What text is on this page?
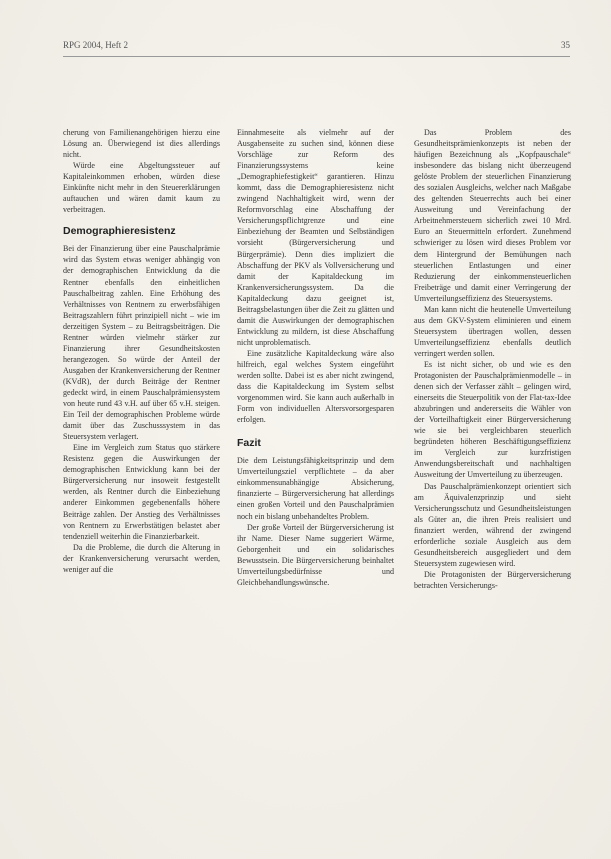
RPG 2004, Heft 2	35

cherung von Familienangehörigen hierzu eine Lösung an. Überwiegend ist dies allerdings nicht.

Würde eine Abgeltungssteuer auf Kapitaleinkommen erhoben, würden diese Einkünfte nicht mehr in den Steuererklärungen auftauchen und wären damit kaum zu verbeitragen.

Demographieresistenz

Bei der Finanzierung über eine Pauschalprämie wird das System etwas weniger abhängig von der demographischen Entwicklung da die Rentner ebenfalls den einheitlichen Pauschalbeitrag zahlen. Eine Erhöhung des Verhältnisses von Rentnern zu erwerbsfähigen Beitragszahlern führt prinzipiell nicht – wie im derzeitigen System – zu Beitragsbeiträgen. Die Rentner würden vielmehr stärker zur Finanzierung ihrer Gesundheitskosten herangezogen. So würde der Anteil der Ausgaben der Krankenversicherung der Rentner (KVdR), der durch Beiträge der Rentner gedeckt wird, in einem Pauschalprämiensystem von heute rund 43 v.H. auf über 65 v.H. steigen. Ein Teil der demographischen Probleme würde damit über das Zuschusssystem in das Steuersystem verlagert.

Eine im Vergleich zum Status quo stärkere Resistenz gegen die Auswirkungen der demographischen Entwicklung kann bei der Bürgerversicherung nur insoweit festgestellt werden, als Rentner durch die Einbeziehung anderer Einkommen gegebenenfalls höhere Beiträge zahlen. Der Anstieg des Verhältnisses von Rentnern zu Erwerbstätigen belastet aber tendenziell weiterhin die Finanzierbarkeit.

Da die Probleme, die durch die Alterung in der Krankenversicherung verursacht werden, weniger auf die

Einnahmeseite als vielmehr auf der Ausgabenseite zu suchen sind, können diese Vorschläge zur Reform des Finanzierungssystems keine „Demographiefestigkeit“ garantieren. Hinzu kommt, dass die Demographieresistenz nicht zwingend Nachhaltigkeit wird, wenn der Reformvorschlag eine Abschaffung der Versicherungspflichtgrenze und eine Einbeziehung der Beamten und Selbständigen vorsieht (Bürgerversicherung und Bürgerprämie). Denn dies impliziert die Abschaffung der PKV als Vollversicherung und damit der Kapitaldeckung im Krankenversicherungssystem. Da die Kapitaldeckung dazu geeignet ist, Beitragsbelastungen über die Zeit zu glätten und damit die Auswirkungen der demographischen Entwicklung zu mildern, ist diese Abschaffung nicht unproblematisch.

Eine zusätzliche Kapitaldeckung wäre also hilfreich, egal welches System eingeführt werden sollte. Dabei ist es aber nicht zwingend, dass die Kapitaldeckung im System selbst vorgenommen wird. Sie kann auch außerhalb in Form von individuellen Altersvorsorgesparen erfolgen.

Fazit

Die dem Leistungsfähigkeitsprinzip und dem Umverteilungsziel verpflichtete – da aber einkommensunabhängige Absicherung, finanzierte – Bürgerversicherung hat allerdings einen großen Vorteil und den Pauschalprämien noch ein bislang unbehandeltes Problem.

Der große Vorteil der Bürgerversicherung ist ihr Name. Dieser Name suggeriert Wärme, Geborgenheit und ein solidarisches Bewusstsein. Die Bürgerversicherung beinhaltet Umverteilungsbedürfnisse und Gleichbehandlungswünsche.

Das Problem des Gesundheitsprämienkonzepts ist neben der häufigen Bezeichnung als „Kopfpauschale“ insbesondere das bislang nicht überzeugend gelöste Problem der steuerlichen Finanzierung des sozialen Ausgleichs, welcher nach Maßgabe des geltenden Steuerrechts auch bei einer Ausweitung und Vereinfachung der Arbeitnehmersteuern sicherlich zwei 10 Mrd. Euro an Steuermitteln erfordert. Zunehmend schwieriger zu lösen wird dieses Problem vor dem Hintergrund der Bemühungen nach steuerlichen Entlastungen und einer Reduzierung der einkommensteuerlichen Freibeträge und damit einer Verringerung der Umverteilungseffizienz des Steuersystems.

Man kann nicht die heutenelle Umverteilung aus dem GKV-System eliminieren und einem Steuersystem übertragen wollen, dessen Umverteilungseffizienz ebenfalls deutlich verringert werden sollen.

Es ist nicht sicher, ob und wie es den Protagonisten der Pauschalprämienmodelle – in denen sich der Verfasser zählt – gelingen wird, einerseits die Steuerpolitik von der Flat-tax-Idee abzubringen und andererseits die Wähler von der Vorteilhaftigkeit einer Bürgerversicherung wie sie bei vergleichbaren steuerlich begründeten höheren Beschäftigungseffizienz im Vergleich zur kurzfristigen Anwendungsbereitschaft und nachhaltigen Ausweitung der Umverteilung zu überzeugen.

Das Pauschalprämienkonzept orientiert sich am Äquivalenzprinzip und sieht Versicherungsschutz und Gesundheitsleistungen als Güter an, die ihren Preis realisiert und finanziert werden, während der zwingend erforderliche soziale Ausgleich aus dem Gesundheitsbereich ausgegliedert und dem Steuersystem zugewiesen wird.

Die Protagonisten der Bürgerversicherung betrachten Versicherungs-
